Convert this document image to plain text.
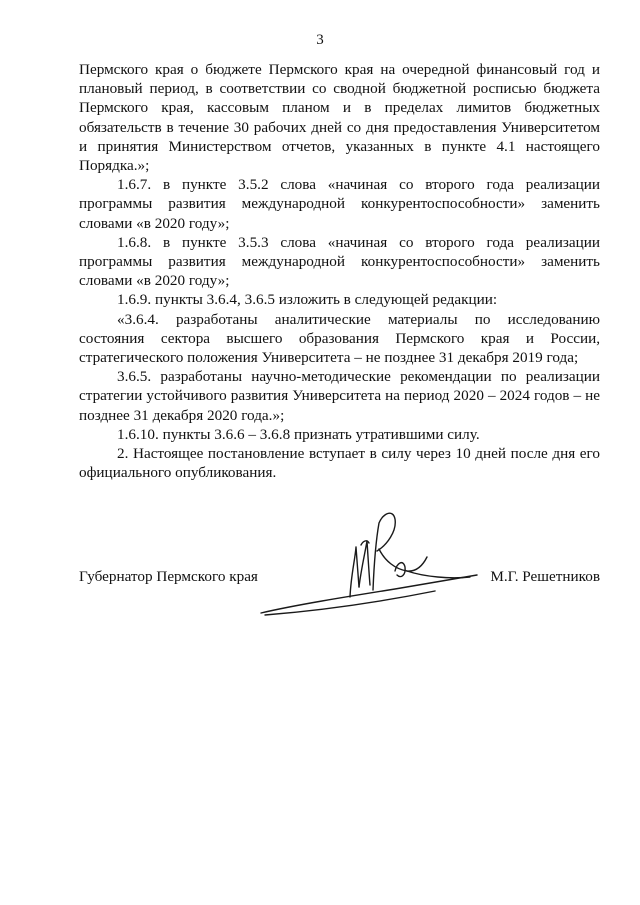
3

Пермского края о бюджете Пермского края на очередной финансовый год и плановый период, в соответствии со сводной бюджетной росписью бюджета Пермского края, кассовым планом и в пределах лимитов бюджетных обязательств в течение 30 рабочих дней со дня предоставления Университетом и принятия Министерством отчетов, указанных в пункте 4.1 настоящего Порядка.»;

1.6.7. в пункте 3.5.2 слова «начиная со второго года реализации программы развития международной конкурентоспособности» заменить словами «в 2020 году»;

1.6.8. в пункте 3.5.3 слова «начиная со второго года реализации программы развития международной конкурентоспособности» заменить словами «в 2020 году»;

1.6.9. пункты 3.6.4, 3.6.5 изложить в следующей редакции:

«3.6.4. разработаны аналитические материалы по исследованию состояния сектора высшего образования Пермского края и России, стратегического положения Университета – не позднее 31 декабря 2019 года;

3.6.5. разработаны научно-методические рекомендации по реализации стратегии устойчивого развития Университета на период 2020 – 2024 годов – не позднее 31 декабря 2020 года.»;

1.6.10. пункты 3.6.6 – 3.6.8 признать утратившими силу.

2. Настоящее постановление вступает в силу через 10 дней после дня его официального опубликования.

Губернатор Пермского края	М.Г. Решетников
